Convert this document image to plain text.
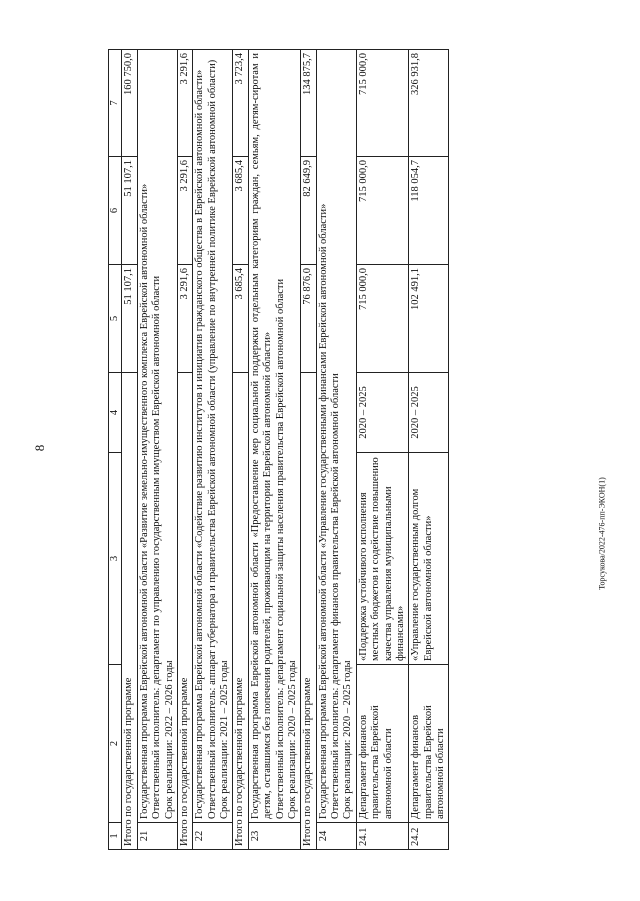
8
1	2	3	4	5	6	7
Итого по государственной программе				51 107,1	51 107,1	160 750,0
21	Государственная программа Еврейской автономной области «Развитие земельно-имущественного комплекса Еврейской автономной области» Ответственный исполнитель: департамент по управлению государственным имуществом Еврейской автономной области Срок реализации: 2022 – 2026 годы					

Итого по государственной программе				3 291,6	3 291,6	3 291,6
22	Государственная программа Еврейской автономной области «Содействие развитию институтов и инициатив гражданского общества в Еврейской автономной области» Ответственный исполнитель: аппарат губернатора и правительства Еврейской автономной области (управление по внутренней политике Еврейской автономной области) Срок реализации: 2021 – 2025 годы					

Итого по государственной программе				3 685,4	3 685,4	3 723,4
23	Государственная программа Еврейской автономной области «Предоставление мер социальной поддержки отдельным категориям граждан, семьям, детям-сиротам и детям, оставшимся без попечения родителей, проживающим на территории Еврейской автономной области» Ответственный исполнитель: департамент социальной защиты населения правительства Еврейской автономной области Срок реализации: 2020 – 2025 годы					

Итого по государственной программе				76 876,0	82 649,9	134 875,7
24	Государственная программа Еврейской автономной области «Управление государственными финансами Еврейской автономной области» Ответственный исполнитель: департамент финансов правительства Еврейской автономной области Срок реализации: 2020 – 2025 годы					

24.1	Департамент финансов правительства Еврейской автономной области	«Поддержка устойчивого исполнения местных бюджетов и содействие повышению качества управления муниципальными финансами»	2020 – 2025	715 000,0	715 000,0	715 000,0
24.2	Департамент финансов правительства Еврейской автономной области	«Управление государственным долгом Еврейской автономной области»	2020 – 2025	102 491,1	118 054,7	326 931,8
Торсукова/2022-476-пп-ЭКОН(1)
